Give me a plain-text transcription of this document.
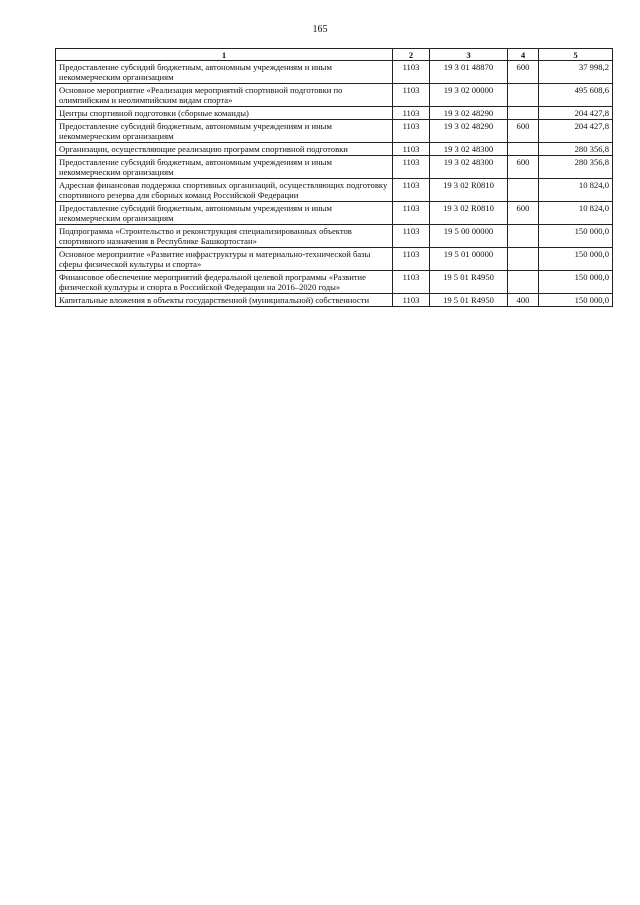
165
1	2	3	4	5
Предоставление субсидий бюджетным, автономным учреждениям и иным некоммерческим организациям	1103	19 3 01 48870	600	37 998,2
Основное мероприятие «Реализация мероприятий спортивной подготовки по олимпийским и неолимпийским видам спорта»	1103	19 3 02 00000		495 608,6
Центры спортивной подготовки (сборные команды)	1103	19 3 02 48290		204 427,8
Предоставление субсидий бюджетным, автономным учреждениям и иным некоммерческим организациям	1103	19 3 02 48290	600	204 427,8
Организации, осуществляющие реализацию программ спортивной подготовки	1103	19 3 02 48300		280 356,8
Предоставление субсидий бюджетным, автономным учреждениям и иным некоммерческим организациям	1103	19 3 02 48300	600	280 356,8
Адресная финансовая поддержка спортивных организаций, осуществляющих подготовку спортивного резерва для сборных команд Российской Федерации	1103	19 3 02 R0810		10 824,0
Предоставление субсидий бюджетным, автономным учреждениям и иным некоммерческим организациям	1103	19 3 02 R0810	600	10 824,0
Подпрограмма «Строительство и реконструкция специализированных объектов спортивного назначения в Республике Башкортостан»	1103	19 5 00 00000		150 000,0
Основное мероприятие «Развитие инфраструктуры и материально-технической базы сферы физической культуры и спорта»	1103	19 5 01 00000		150 000,0
Финансовое обеспечение мероприятий федеральной целевой программы «Развитие физической культуры и спорта в Российской Федерации на 2016–2020 годы»	1103	19 5 01 R4950		150 000,0
Капитальные вложения в объекты государственной (муниципальной) собственности	1103	19 5 01 R4950	400	150 000,0
